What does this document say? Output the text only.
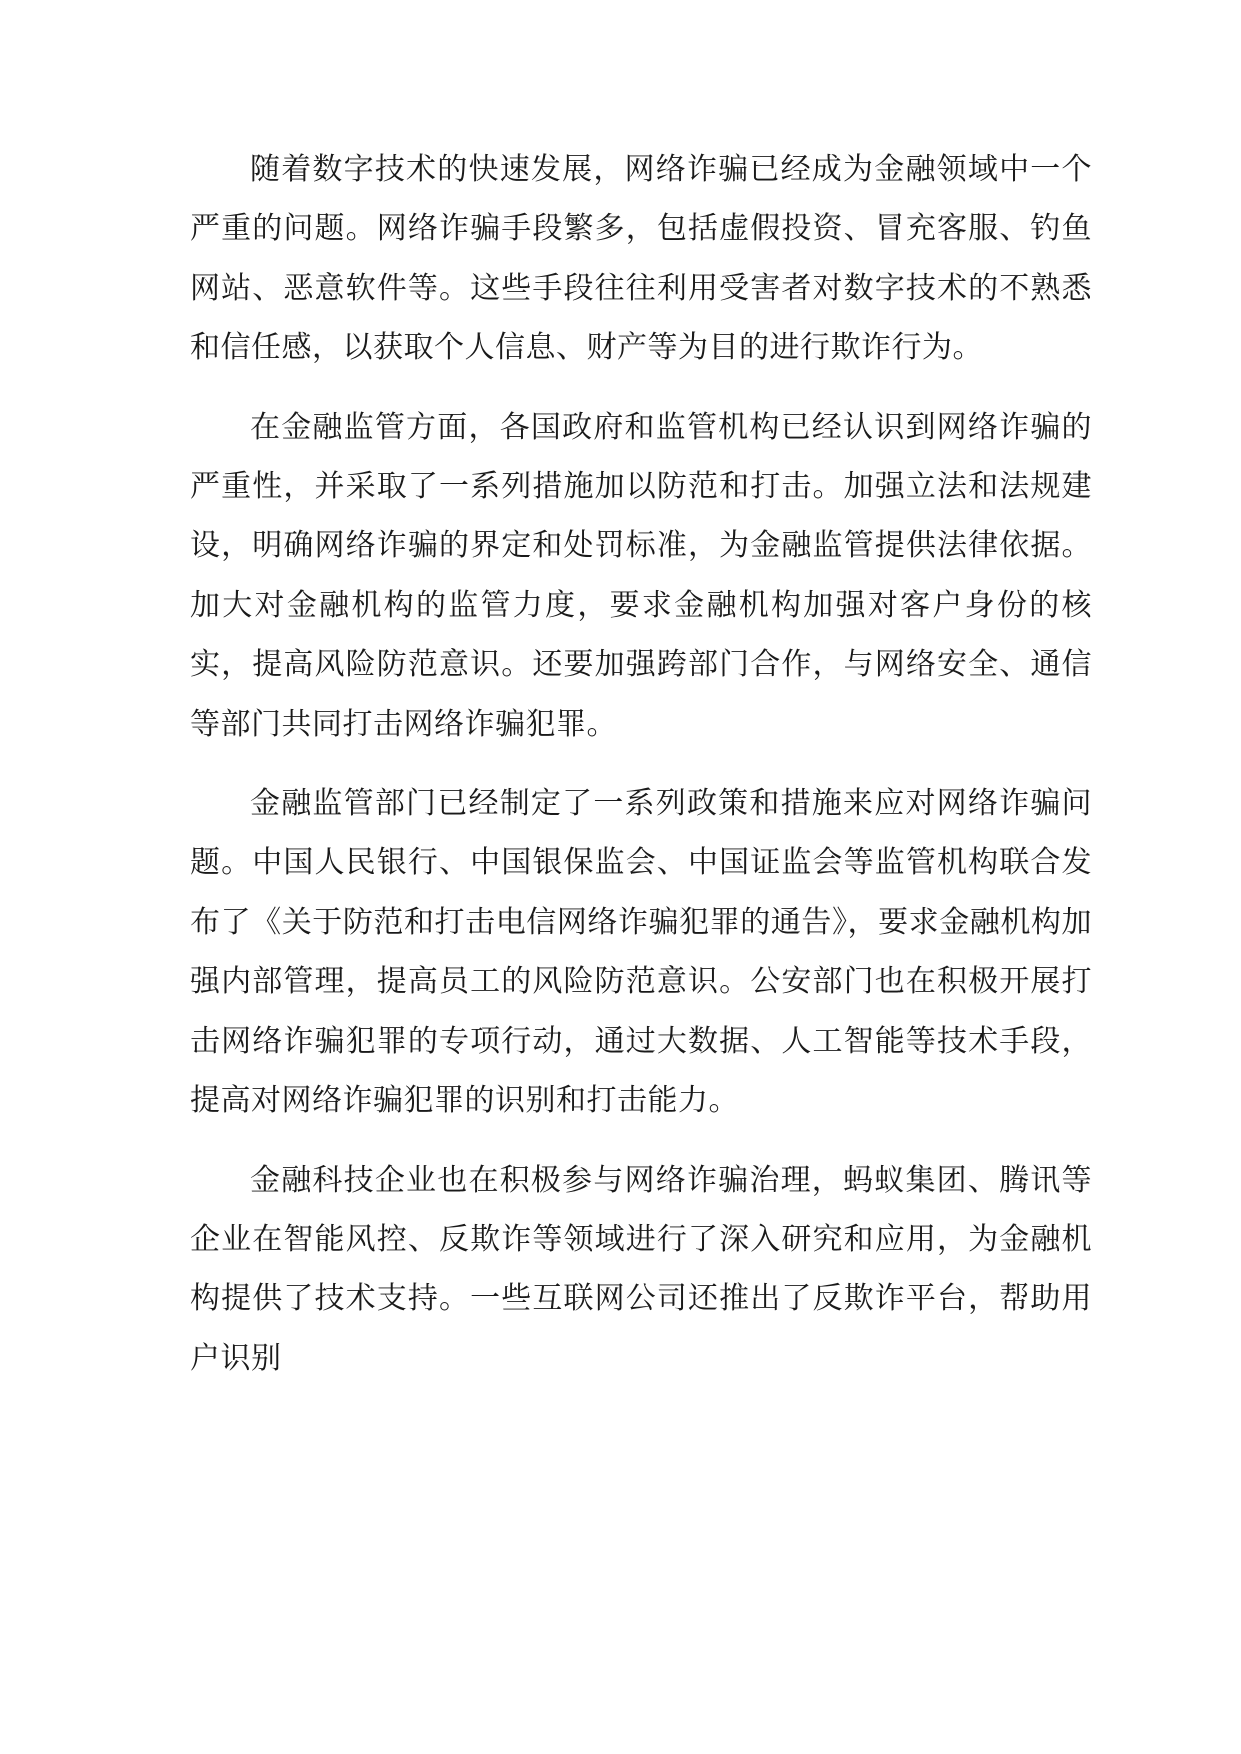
随着数字技术的快速发展，网络诈骗已经成为金融领域中一个严重的问题。网络诈骗手段繁多，包括虚假投资、冒充客服、钓鱼网站、恶意软件等。这些手段往往利用受害者对数字技术的不熟悉和信任感，以获取个人信息、财产等为目的进行欺诈行为。

在金融监管方面，各国政府和监管机构已经认识到网络诈骗的严重性，并采取了一系列措施加以防范和打击。加强立法和法规建设，明确网络诈骗的界定和处罚标准，为金融监管提供法律依据。加大对金融机构的监管力度，要求金融机构加强对客户身份的核实，提高风险防范意识。还要加强跨部门合作，与网络安全、通信等部门共同打击网络诈骗犯罪。

金融监管部门已经制定了一系列政策和措施来应对网络诈骗问题。中国人民银行、中国银保监会、中国证监会等监管机构联合发布了《关于防范和打击电信网络诈骗犯罪的通告》，要求金融机构加强内部管理，提高员工的风险防范意识。公安部门也在积极开展打击网络诈骗犯罪的专项行动，通过大数据、人工智能等技术手段，提高对网络诈骗犯罪的识别和打击能力。

金融科技企业也在积极参与网络诈骗治理，蚂蚁集团、腾讯等企业在智能风控、反欺诈等领域进行了深入研究和应用，为金融机构提供了技术支持。一些互联网公司还推出了反欺诈平台，帮助用户识别
